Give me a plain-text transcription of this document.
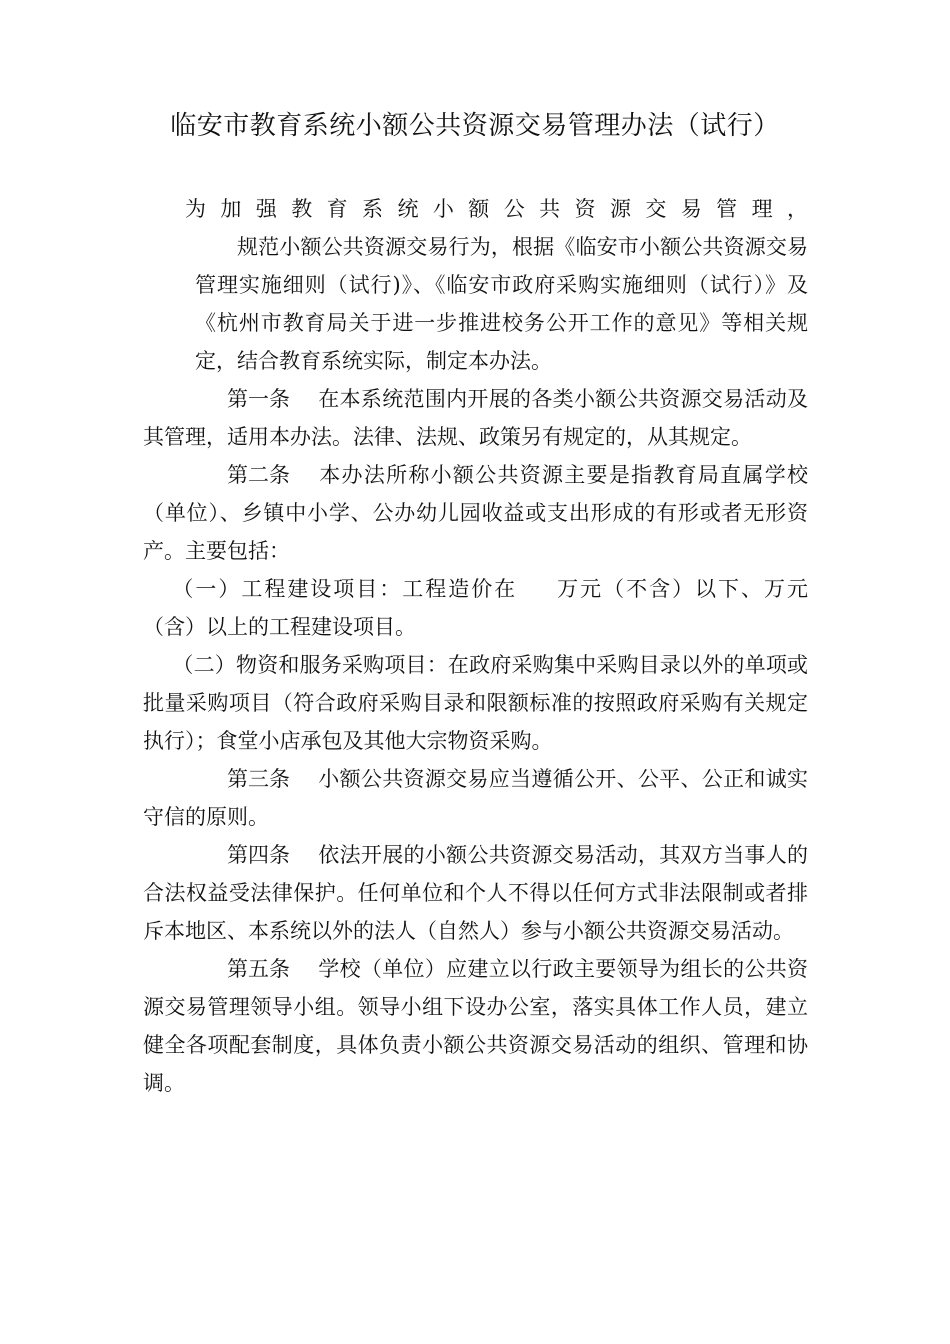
临安市教育系统小额公共资源交易管理办法（试行）

为加强教育系统小额公共资源交易管理，规范小额公共资源交易行为，根据《临安市小额公共资源交易管理实施细则（试行)》、《临安市政府采购实施细则（试行）》及《杭州市教育局关于进一步推进校务公开工作的意见》等相关规定，结合教育系统实际，制定本办法。

第一条 在本系统范围内开展的各类小额公共资源交易活动及其管理，适用本办法。法律、法规、政策另有规定的，从其规定。

第二条 本办法所称小额公共资源主要是指教育局直属学校（单位）、乡镇中小学、公办幼儿园收益或支出形成的有形或者无形资产。主要包括：

（一）工程建设项目：工程造价在 万元（不含）以下、万元（含）以上的工程建设项目。

（二）物资和服务采购项目：在政府采购集中采购目录以外的单项或批量采购项目（符合政府采购目录和限额标准的按照政府采购有关规定执行）；食堂小店承包及其他大宗物资采购。

第三条 小额公共资源交易应当遵循公开、公平、公正和诚实守信的原则。

第四条 依法开展的小额公共资源交易活动，其双方当事人的合法权益受法律保护。任何单位和个人不得以任何方式非法限制或者排斥本地区、本系统以外的法人（自然人）参与小额公共资源交易活动。

第五条 学校（单位）应建立以行政主要领导为组长的公共资源交易管理领导小组。领导小组下设办公室，落实具体工作人员，建立健全各项配套制度，具体负责小额公共资源交易活动的组织、管理和协调。
